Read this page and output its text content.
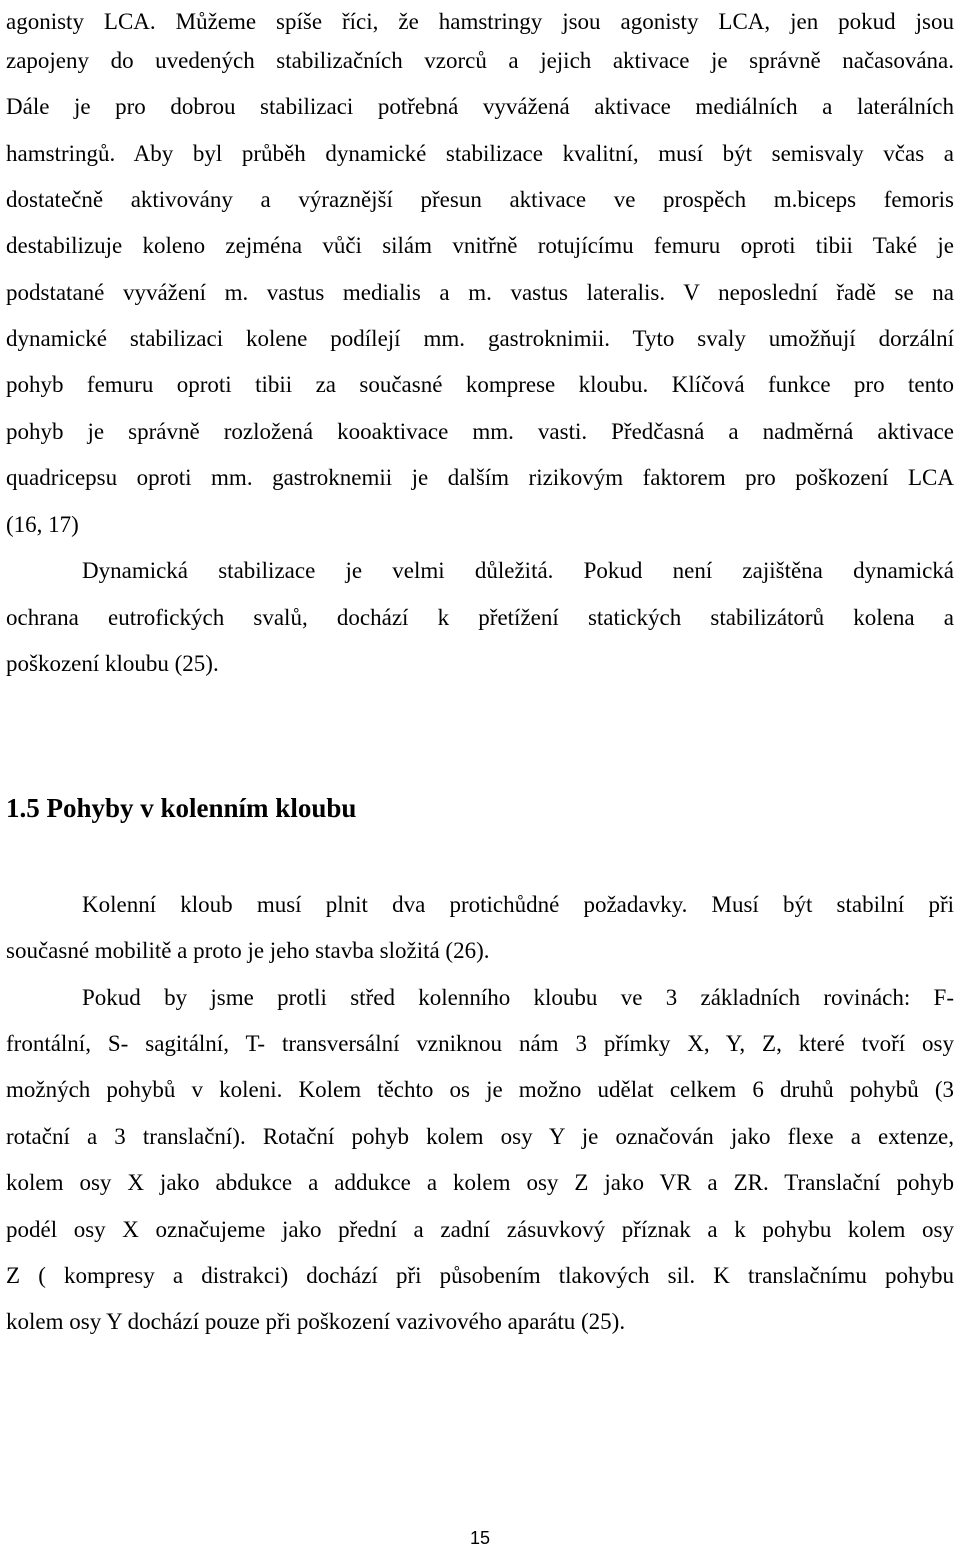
agonisty LCA. Můžeme spíše říci, že hamstringy jsou agonisty LCA, jen pokud jsou
zapojeny do uvedených stabilizačních vzorců a jejich aktivace je správně načasována.
Dále je pro dobrou stabilizaci potřebná vyvážená aktivace mediálních a laterálních
hamstringů. Aby byl průběh dynamické stabilizace kvalitní, musí být semisvaly včas a
dostatečně aktivovány a výraznější přesun aktivace ve prospěch m.biceps femoris
destabilizuje koleno zejména vůči silám vnitřně rotujícímu femuru oproti tibii Také je
podstatané vyvážení m. vastus medialis a m. vastus lateralis. V neposlední řadě se na
dynamické stabilizaci kolene podílejí mm. gastroknimii. Tyto svaly umožňují dorzální
pohyb femuru oproti tibii za současné komprese kloubu. Klíčová funkce pro tento
pohyb je správně rozložená kooaktivace mm. vasti. Předčasná a nadměrná aktivace
quadricepsu oproti mm. gastroknemii je dalším rizikovým faktorem pro poškození LCA
(16, 17)
Dynamická stabilizace je velmi důležitá. Pokud není zajištěna dynamická
ochrana eutrofických svalů, dochází k přetížení statických stabilizátorů kolena a
poškození kloubu (25).
1.5 Pohyby v kolenním kloubu
Kolenní kloub musí plnit dva protichůdné požadavky. Musí být stabilní při
současné mobilitě a proto je jeho stavba složitá (26).
Pokud by jsme protli střed kolenního kloubu ve 3 základních rovinách: F-
frontální, S- sagitální, T- transversální vzniknou nám 3 přímky X, Y, Z, které tvoří osy
možných pohybů v koleni. Kolem těchto os je možno udělat celkem 6 druhů pohybů (3
rotační a 3 translační). Rotační pohyb kolem osy Y je označován jako flexe a extenze,
kolem osy X jako abdukce a addukce a kolem osy Z jako VR a ZR. Translační pohyb
podél osy X označujeme jako přední a zadní zásuvkový příznak a k pohybu kolem osy
Z ( kompresy a distrakci) dochází při působením tlakových sil. K translačnímu pohybu
kolem osy Y dochází pouze při poškození vazivového aparátu (25).
15
